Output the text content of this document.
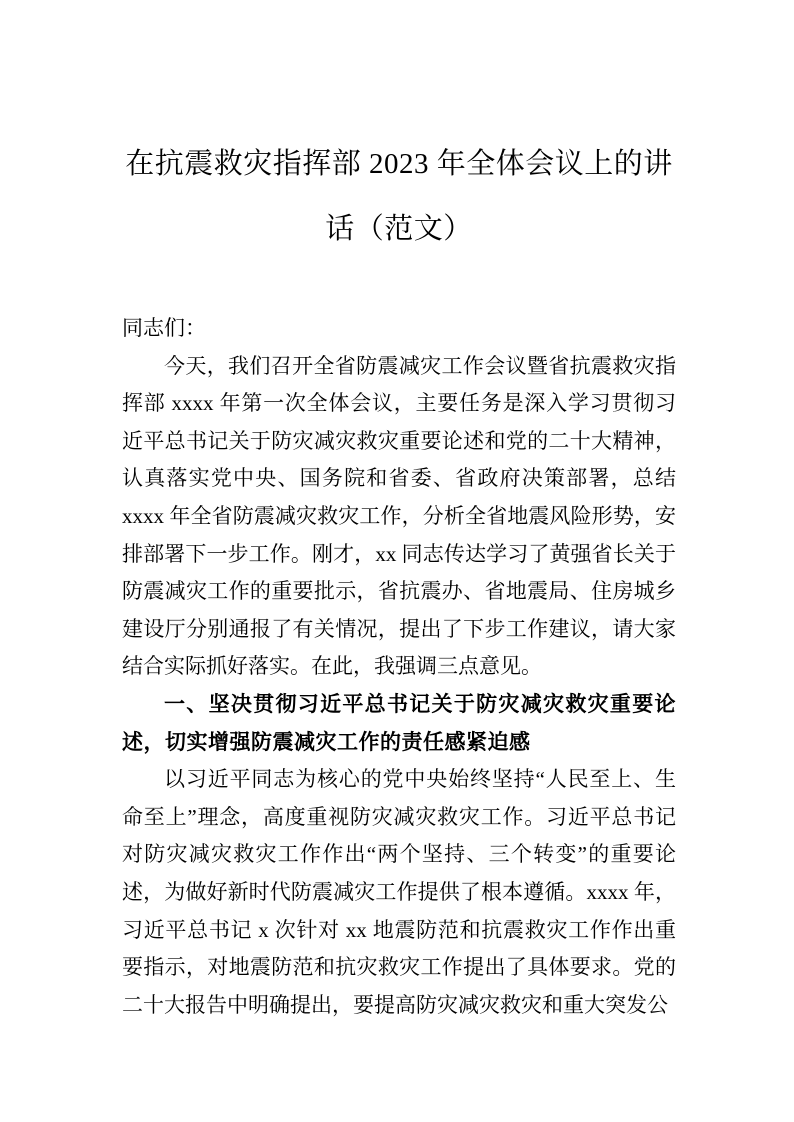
在抗震救灾指挥部 2023 年全体会议上的讲
话（范文）

同志们：

今天，我们召开全省防震减灾工作会议暨省抗震救灾指挥部 xxxx 年第一次全体会议，主要任务是深入学习贯彻习近平总书记关于防灾减灾救灾重要论述和党的二十大精神，认真落实党中央、国务院和省委、省政府决策部署，总结 xxxx 年全省防震减灾救灾工作，分析全省地震风险形势，安排部署下一步工作。刚才，xx 同志传达学习了黄强省长关于防震减灾工作的重要批示，省抗震办、省地震局、住房城乡建设厅分别通报了有关情况，提出了下步工作建议，请大家结合实际抓好落实。在此，我强调三点意见。

一、坚决贯彻习近平总书记关于防灾减灾救灾重要论述，切实增强防震减灾工作的责任感紧迫感

以习近平同志为核心的党中央始终坚持“人民至上、生命至上”理念，高度重视防灾减灾救灾工作。习近平总书记对防灾减灾救灾工作作出“两个坚持、三个转变”的重要论述，为做好新时代防震减灾工作提供了根本遵循。xxxx 年，习近平总书记 x 次针对 xx 地震防范和抗震救灾工作作出重要指示，对地震防范和抗灾救灾工作提出了具体要求。党的二十大报告中明确提出，要提高防灾减灾救灾和重大突发公
